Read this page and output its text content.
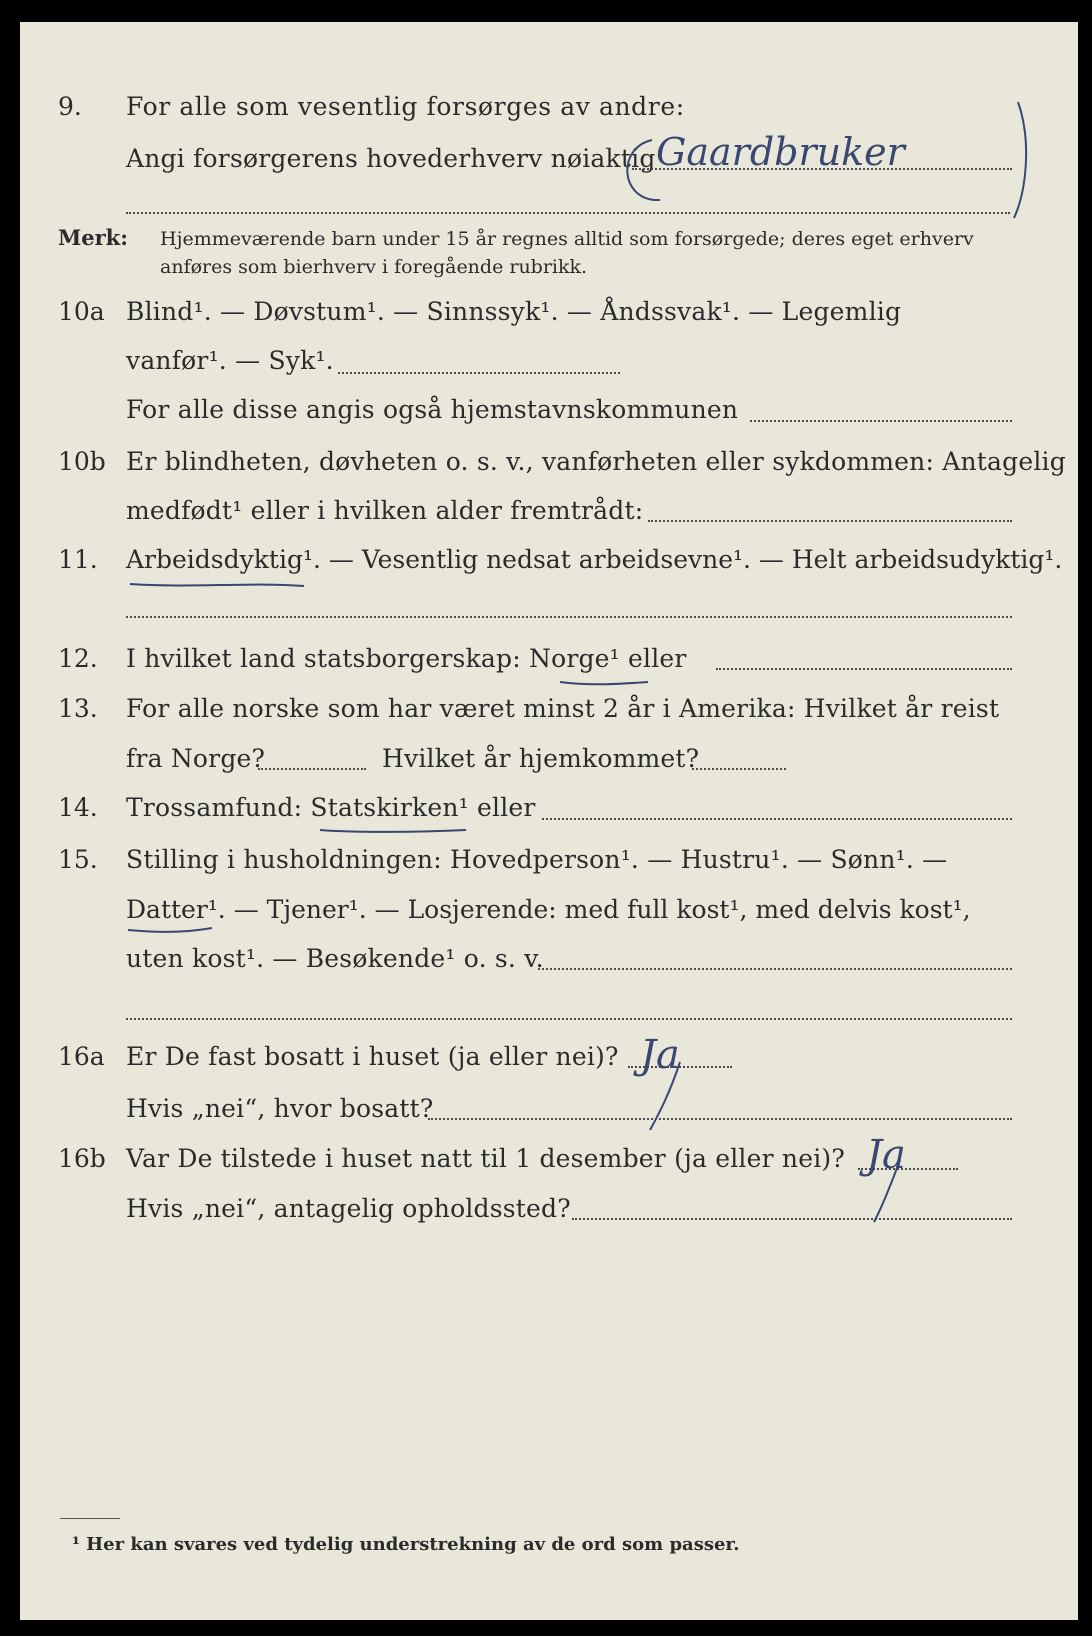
9. For alle som vesentlig forsørges av andre:
Angi forsørgerens hovederhverv nøiaktig Gaardbruker
Merk: Hjemmeværende barn under 15 år regnes alltid som forsørgede; deres eget erhverv
anføres som bierhverv i foregående rubrikk.
10a Blind¹. — Døvstum¹. — Sinnssyk¹. — Åndssvak¹. — Legemlig
vanfør¹. — Syk¹.
For alle disse angis også hjemstavnskommunen
10b Er blindheten, døvheten o. s. v., vanførheten eller sykdommen: Antagelig
medfødt¹ eller i hvilken alder fremtrådt:
11. Arbeidsdyktig¹. — Vesentlig nedsat arbeidsevne¹. — Helt arbeidsudyktig¹.
12. I hvilket land statsborgerskap: Norge¹ eller
13. For alle norske som har været minst 2 år i Amerika: Hvilket år reist
fra Norge?	Hvilket år hjemkommet?
14. Trossamfund: Statskirken¹ eller
15. Stilling i husholdningen: Hovedperson¹. — Hustru¹. — Sønn¹. —
Datter¹. — Tjener¹. — Losjerende: med full kost¹, med delvis kost¹,
uten kost¹. — Besøkende¹ o. s. v.
16a Er De fast bosatt i huset (ja eller nei)? Ja
Hvis „nei“, hvor bosatt?
16b Var De tilstede i huset natt til 1 desember (ja eller nei)? Ja
Hvis „nei“, antagelig opholdssted?
¹ Her kan svares ved tydelig understrekning av de ord som passer.
